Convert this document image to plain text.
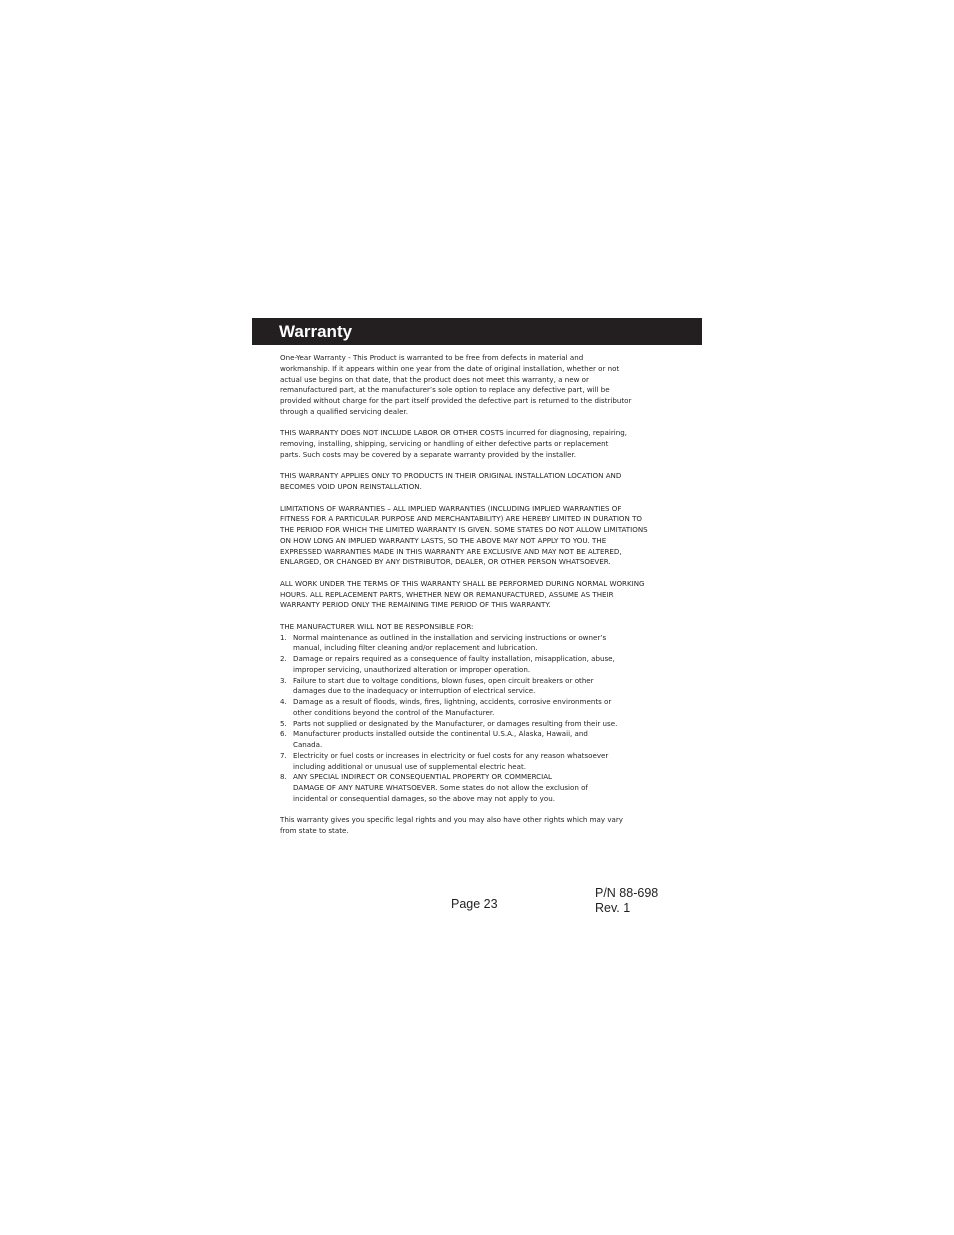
Warranty

One-Year Warranty - This Product is warranted to be free from defects in material and
workmanship. If it appears within one year from the date of original installation, whether or not
actual use begins on that date, that the product does not meet this warranty, a new or
remanufactured part, at the manufacturer’s sole option to replace any defective part, will be
provided without charge for the part itself provided the defective part is returned to the distributor
through a qualified servicing dealer.

THIS WARRANTY DOES NOT INCLUDE LABOR OR OTHER COSTS incurred for diagnosing, repairing,
removing, installing, shipping, servicing or handling of either defective parts or replacement
parts. Such costs may be covered by a separate warranty provided by the installer.

THIS WARRANTY APPLIES ONLY TO PRODUCTS IN THEIR ORIGINAL INSTALLATION LOCATION AND
BECOMES VOID UPON REINSTALLATION.

LIMITATIONS OF WARRANTIES – ALL IMPLIED WARRANTIES (INCLUDING IMPLIED WARRANTIES OF
FITNESS FOR A PARTICULAR PURPOSE AND MERCHANTABILITY) ARE HEREBY LIMITED IN DURATION TO
THE PERIOD FOR WHICH THE LIMITED WARRANTY IS GIVEN. SOME STATES DO NOT ALLOW LIMITATIONS
ON HOW LONG AN IMPLIED WARRANTY LASTS, SO THE ABOVE MAY NOT APPLY TO YOU. THE
EXPRESSED WARRANTIES MADE IN THIS WARRANTY ARE EXCLUSIVE AND MAY NOT BE ALTERED,
ENLARGED, OR CHANGED BY ANY DISTRIBUTOR, DEALER, OR OTHER PERSON WHATSOEVER.

ALL WORK UNDER THE TERMS OF THIS WARRANTY SHALL BE PERFORMED DURING NORMAL WORKING
HOURS. ALL REPLACEMENT PARTS, WHETHER NEW OR REMANUFACTURED, ASSUME AS THEIR
WARRANTY PERIOD ONLY THE REMAINING TIME PERIOD OF THIS WARRANTY.

THE MANUFACTURER WILL NOT BE RESPONSIBLE FOR:
1. Normal maintenance as outlined in the installation and servicing instructions or owner’s
manual, including filter cleaning and/or replacement and lubrication.
2. Damage or repairs required as a consequence of faulty installation, misapplication, abuse,
improper servicing, unauthorized alteration or improper operation.
3. Failure to start due to voltage conditions, blown fuses, open circuit breakers or other
damages due to the inadequacy or interruption of electrical service.
4. Damage as a result of floods, winds, fires, lightning, accidents, corrosive environments or
other conditions beyond the control of the Manufacturer.
5. Parts not supplied or designated by the Manufacturer, or damages resulting from their use.
6. Manufacturer products installed outside the continental U.S.A., Alaska, Hawaii, and
Canada.
7. Electricity or fuel costs or increases in electricity or fuel costs for any reason whatsoever
including additional or unusual use of supplemental electric heat.
8. ANY SPECIAL INDIRECT OR CONSEQUENTIAL PROPERTY OR COMMERCIAL
DAMAGE OF ANY NATURE WHATSOEVER. Some states do not allow the exclusion of
incidental or consequential damages, so the above may not apply to you.

This warranty gives you specific legal rights and you may also have other rights which may vary
from state to state.

Page 23
P/N 88-698
Rev. 1
